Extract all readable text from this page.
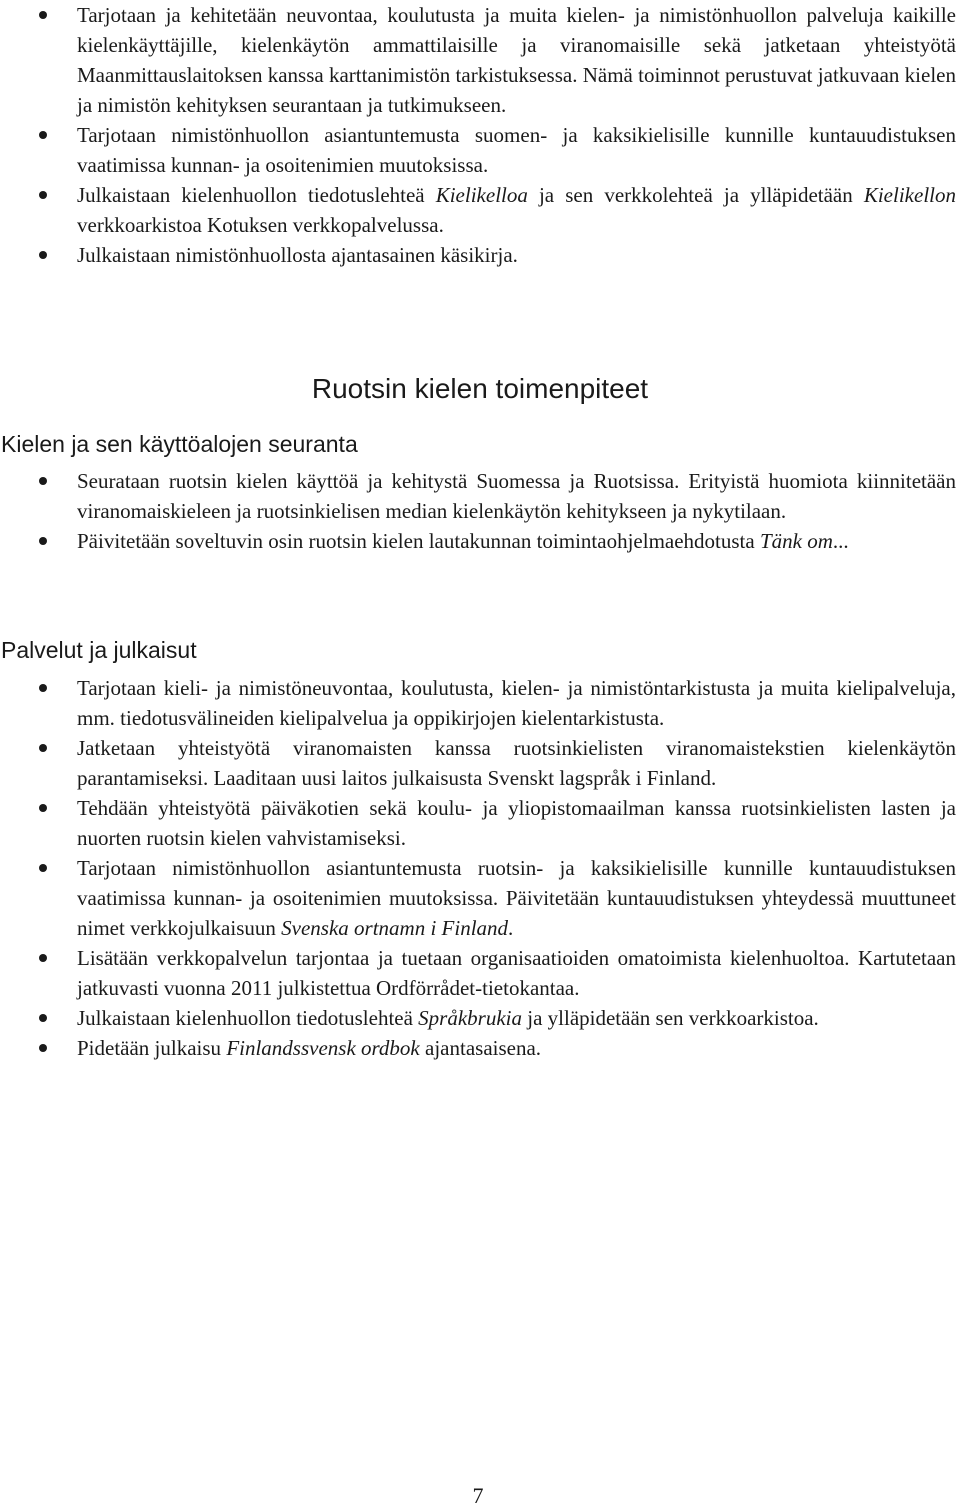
Tarjotaan ja kehitetään neuvontaa, koulutusta ja muita kielen- ja nimistönhuollon palveluja kaikille kielenkäyttäjille, kielenkäytön ammattilaisille ja viranomaisille sekä jatketaan yhteistyötä Maanmittauslaitoksen kanssa karttanimistön tarkistuksessa. Nämä toiminnot perustuvat jatkuvaan kielen ja nimistön kehityksen seurantaan ja tutkimukseen.
Tarjotaan nimistönhuollon asiantuntemusta suomen- ja kaksikielisille kunnille kuntauudistuksen vaatimissa kunnan- ja osoitenimien muutoksissa.
Julkaistaan kielenhuollon tiedotuslehteä Kielikelloa ja sen verkkolehteä ja ylläpidetään Kielikellon verkkoarkistoa Kotuksen verkkopalvelussa.
Julkaistaan nimistönhuollosta ajantasainen käsikirja.
Ruotsin kielen toimenpiteet
Kielen ja sen käyttöalojen seuranta
Seurataan ruotsin kielen käyttöä ja kehitystä Suomessa ja Ruotsissa. Erityistä huomiota kiinnitetään viranomaiskieleen ja ruotsinkielisen median kielenkäytön kehitykseen ja nykytilaan.
Päivitetään soveltuvin osin ruotsin kielen lautakunnan toimintaohjelmaehdotusta Tänk om...
Palvelut ja julkaisut
Tarjotaan kieli- ja nimistöneuvontaa, koulutusta, kielen- ja nimistöntarkistusta ja muita kielipalveluja, mm. tiedotusvälineiden kielipalvelua ja oppikirjojen kielentarkistusta.
Jatketaan yhteistyötä viranomaisten kanssa ruotsinkielisten viranomaistekstien kielenkäytön parantamiseksi. Laaditaan uusi laitos julkaisusta Svenskt lagspråk i Finland.
Tehdään yhteistyötä päiväkotien sekä koulu- ja yliopistomaailman kanssa ruotsinkielisten lasten ja nuorten ruotsin kielen vahvistamiseksi.
Tarjotaan nimistönhuollon asiantuntemusta ruotsin- ja kaksikielisille kunnille kuntauudistuksen vaatimissa kunnan- ja osoitenimien muutoksissa. Päivitetään kuntauudistuksen yhteydessä muuttuneet nimet verkkojulkaisuun Svenska ortnamn i Finland.
Lisätään verkkopalvelun tarjontaa ja tuetaan organisaatioiden omatoimista kielenhuoltoa. Kartutetaan jatkuvasti vuonna 2011 julkistettua Ordförrådet-tietokantaa.
Julkaistaan kielenhuollon tiedotuslehteä Språkbrukia ja ylläpidetään sen verkkoarkistoa.
Pidetään julkaisu Finlandssvensk ordbok ajantasaisena.
7
